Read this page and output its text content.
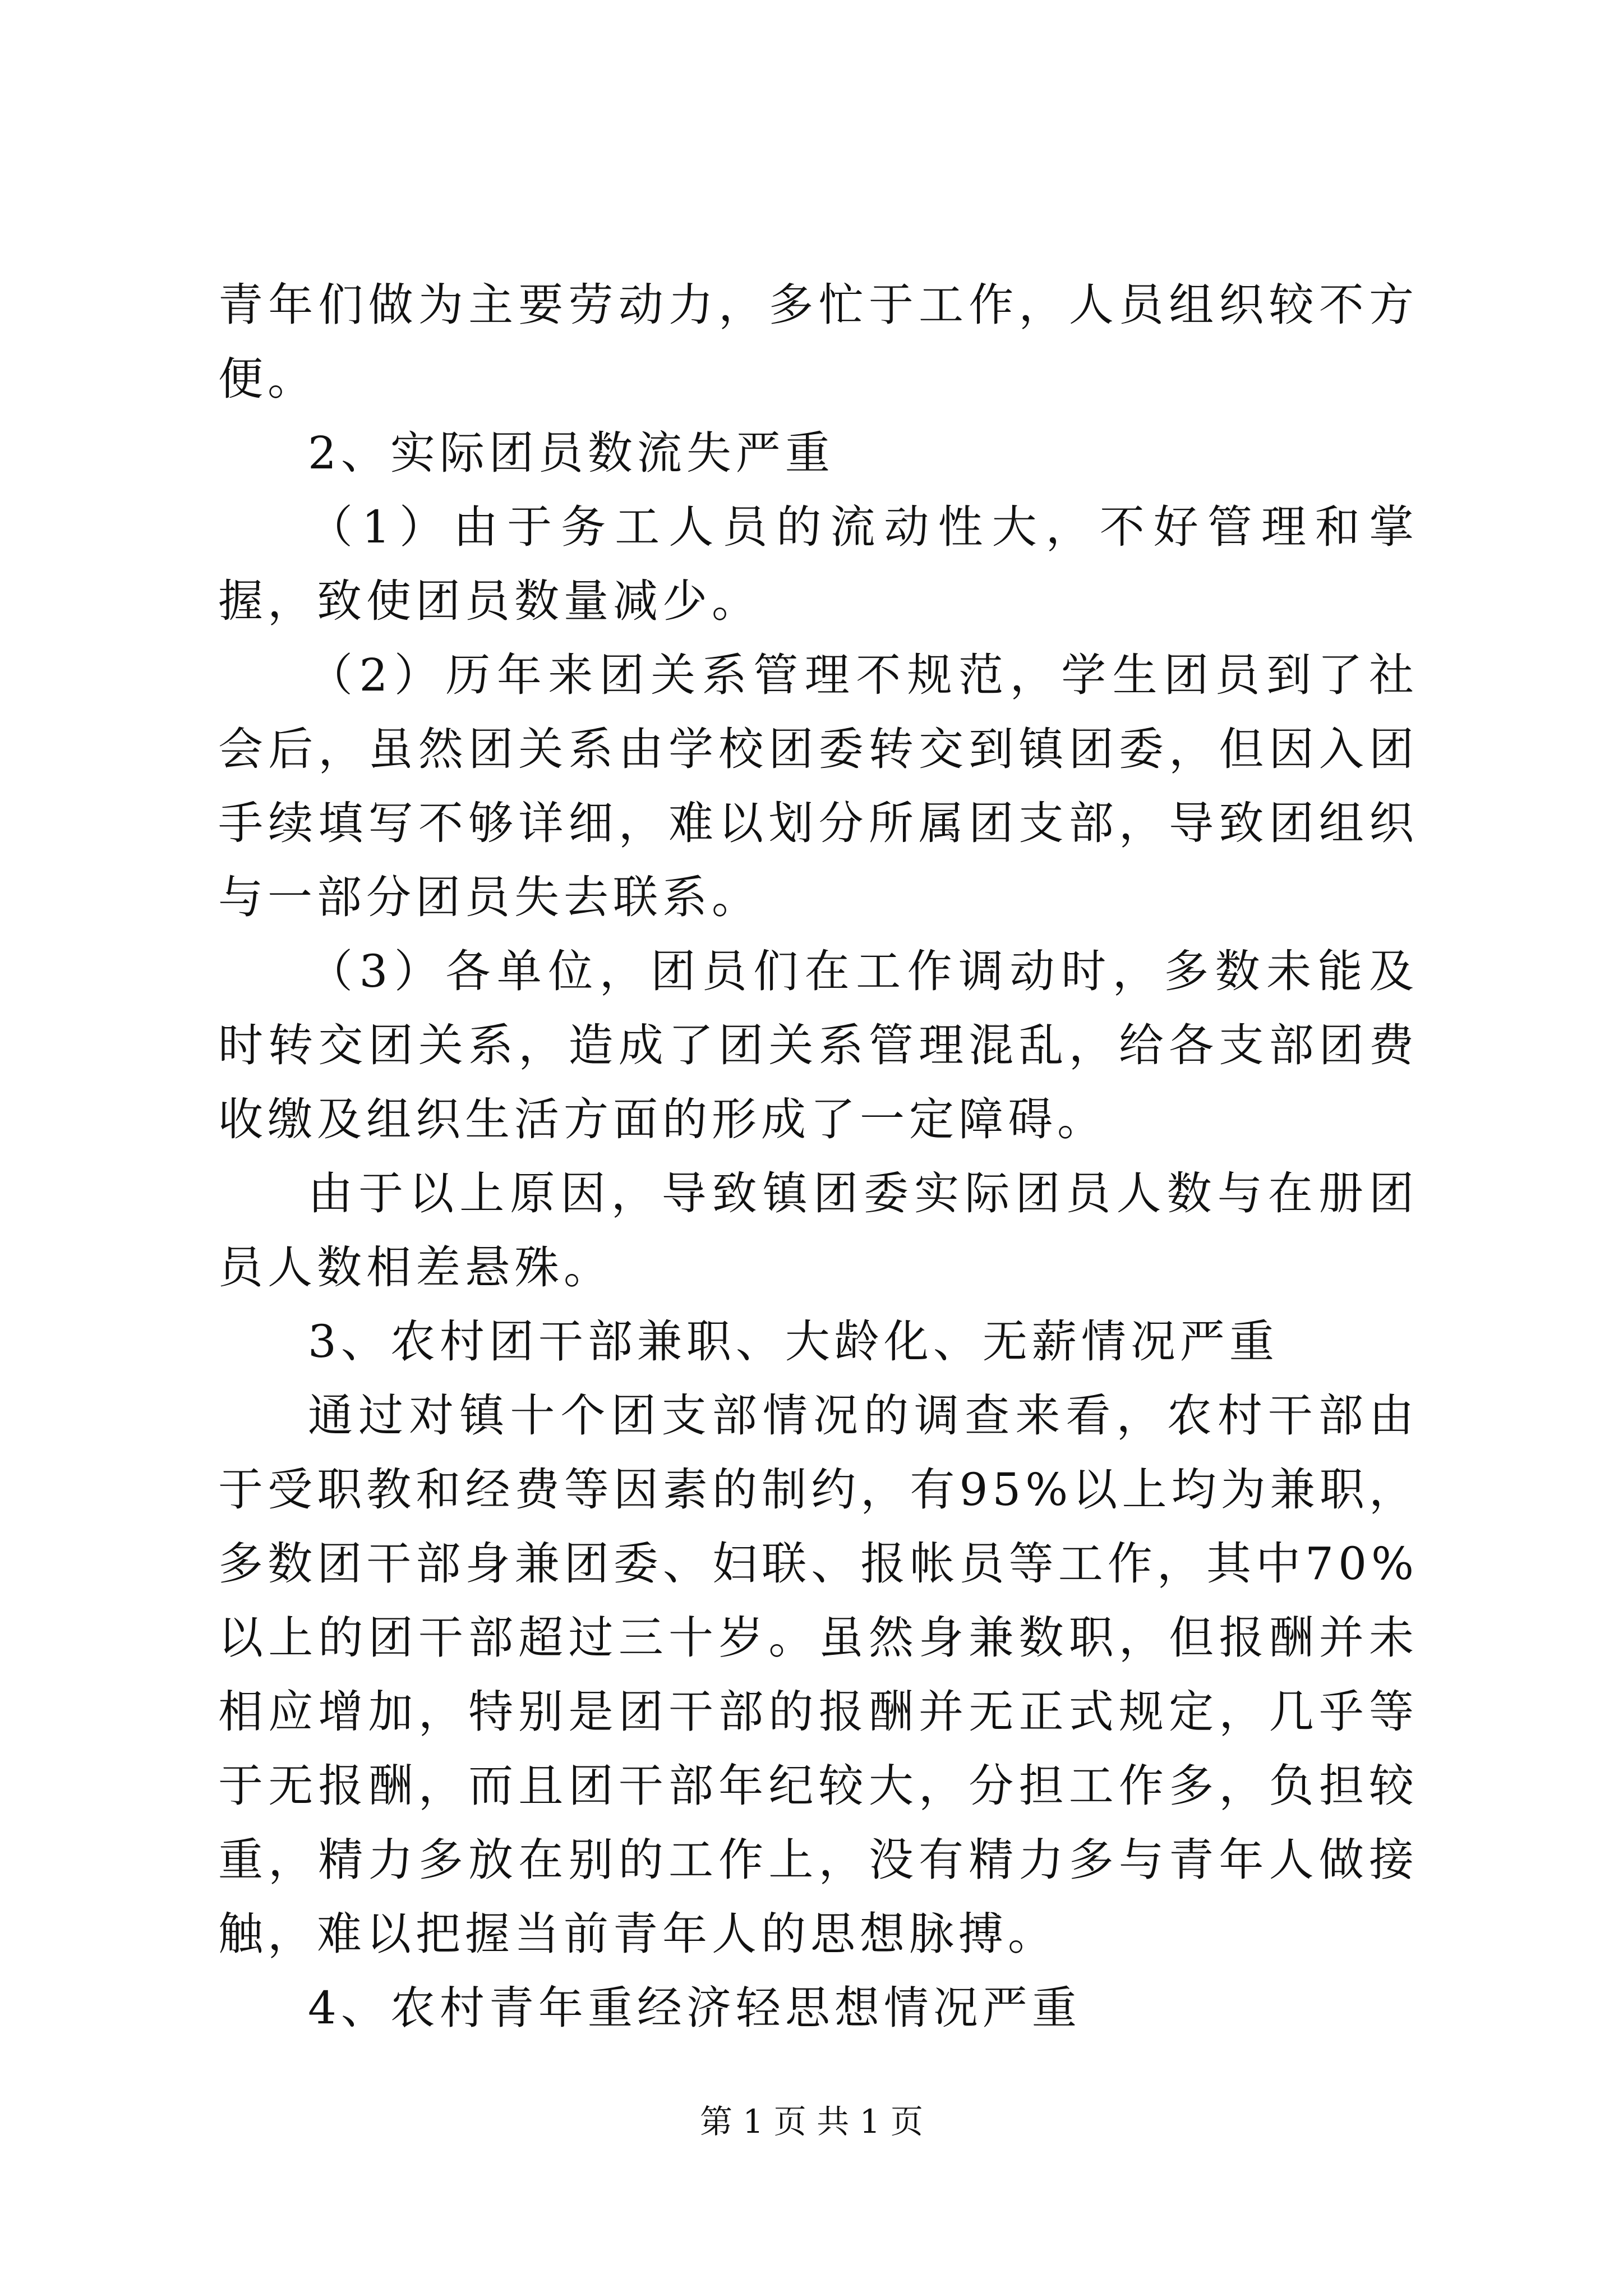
青年们做为主要劳动力，多忙于工作，人员组织较不方便。

2、实际团员数流失严重

（1）由于务工人员的流动性大，不好管理和掌握，致使团员数量减少。

（2）历年来团关系管理不规范，学生团员到了社会后，虽然团关系由学校团委转交到镇团委，但因入团手续填写不够详细，难以划分所属团支部，导致团组织与一部分团员失去联系。

（3）各单位，团员们在工作调动时，多数未能及时转交团关系，造成了团关系管理混乱，给各支部团费收缴及组织生活方面的形成了一定障碍。

由于以上原因，导致镇团委实际团员人数与在册团员人数相差悬殊。

3、农村团干部兼职、大龄化、无薪情况严重

通过对镇十个团支部情况的调查来看，农村干部由于受职教和经费等因素的制约，有95%以上均为兼职，多数团干部身兼团委、妇联、报帐员等工作，其中70%以上的团干部超过三十岁。虽然身兼数职，但报酬并未相应增加，特别是团干部的报酬并无正式规定，几乎等于无报酬，而且团干部年纪较大，分担工作多，负担较重，精力多放在别的工作上，没有精力多与青年人做接触，难以把握当前青年人的思想脉搏。

4、农村青年重经济轻思想情况严重

第 1 页 共 1 页
